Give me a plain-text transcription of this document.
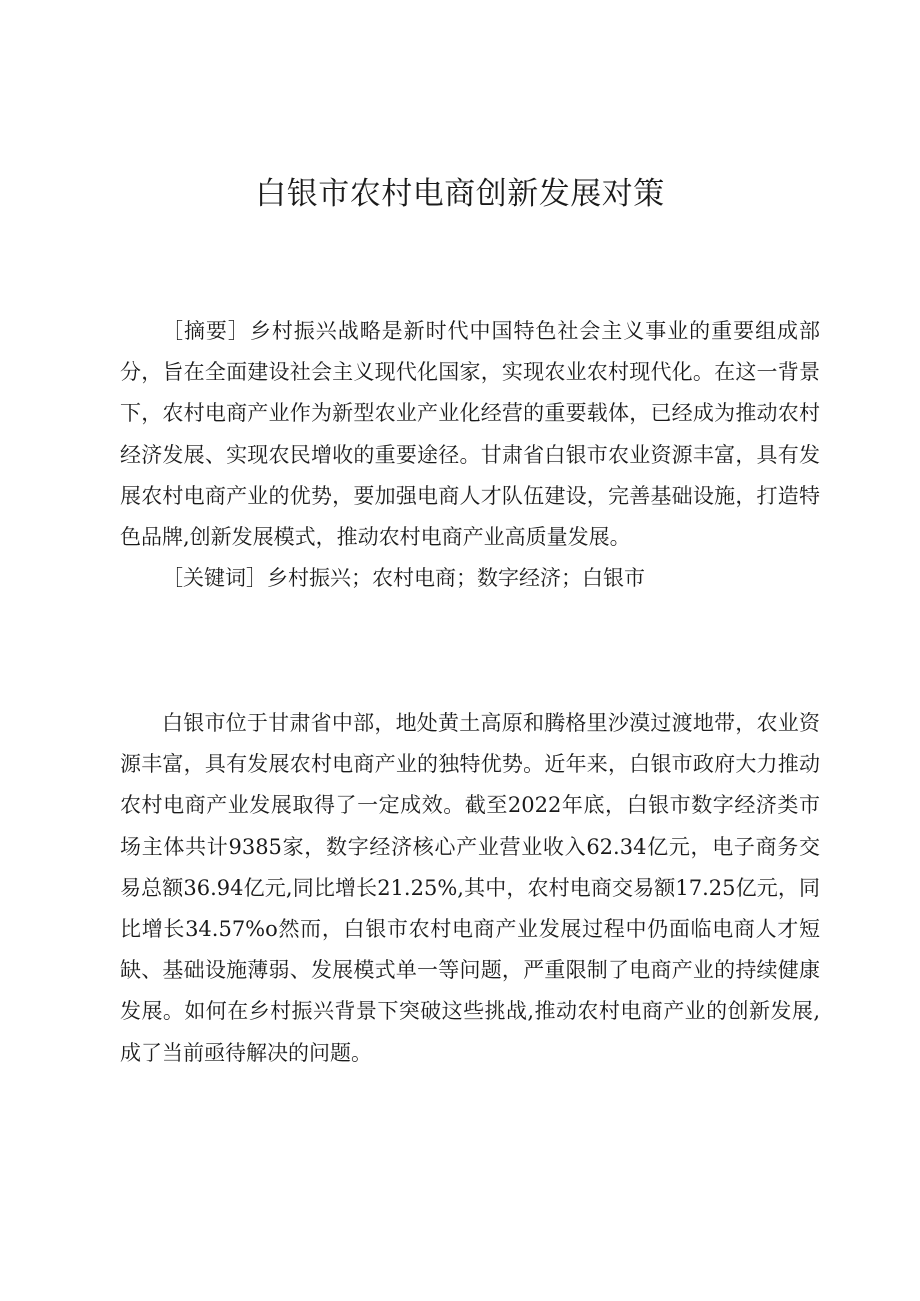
白银市农村电商创新发展对策

［摘要］乡村振兴战略是新时代中国特色社会主义事业的重要组成部分，旨在全面建设社会主义现代化国家，实现农业农村现代化。在这一背景下，农村电商产业作为新型农业产业化经营的重要载体，已经成为推动农村经济发展、实现农民增收的重要途径。甘肃省白银市农业资源丰富，具有发展农村电商产业的优势，要加强电商人才队伍建设，完善基础设施，打造特色品牌,创新发展模式，推动农村电商产业高质量发展。

［关键词］乡村振兴；农村电商；数字经济；白银市

白银市位于甘肃省中部，地处黄土高原和腾格里沙漠过渡地带，农业资源丰富，具有发展农村电商产业的独特优势。近年来，白银市政府大力推动农村电商产业发展取得了一定成效。截至2022年底，白银市数字经济类市场主体共计9385家，数字经济核心产业营业收入62.34亿元，电子商务交易总额36.94亿元,同比增长21.25%,其中，农村电商交易额17.25亿元，同比增长34.57%o然而，白银市农村电商产业发展过程中仍面临电商人才短缺、基础设施薄弱、发展模式单一等问题，严重限制了电商产业的持续健康发展。如何在乡村振兴背景下突破这些挑战,推动农村电商产业的创新发展,成了当前亟待解决的问题。
